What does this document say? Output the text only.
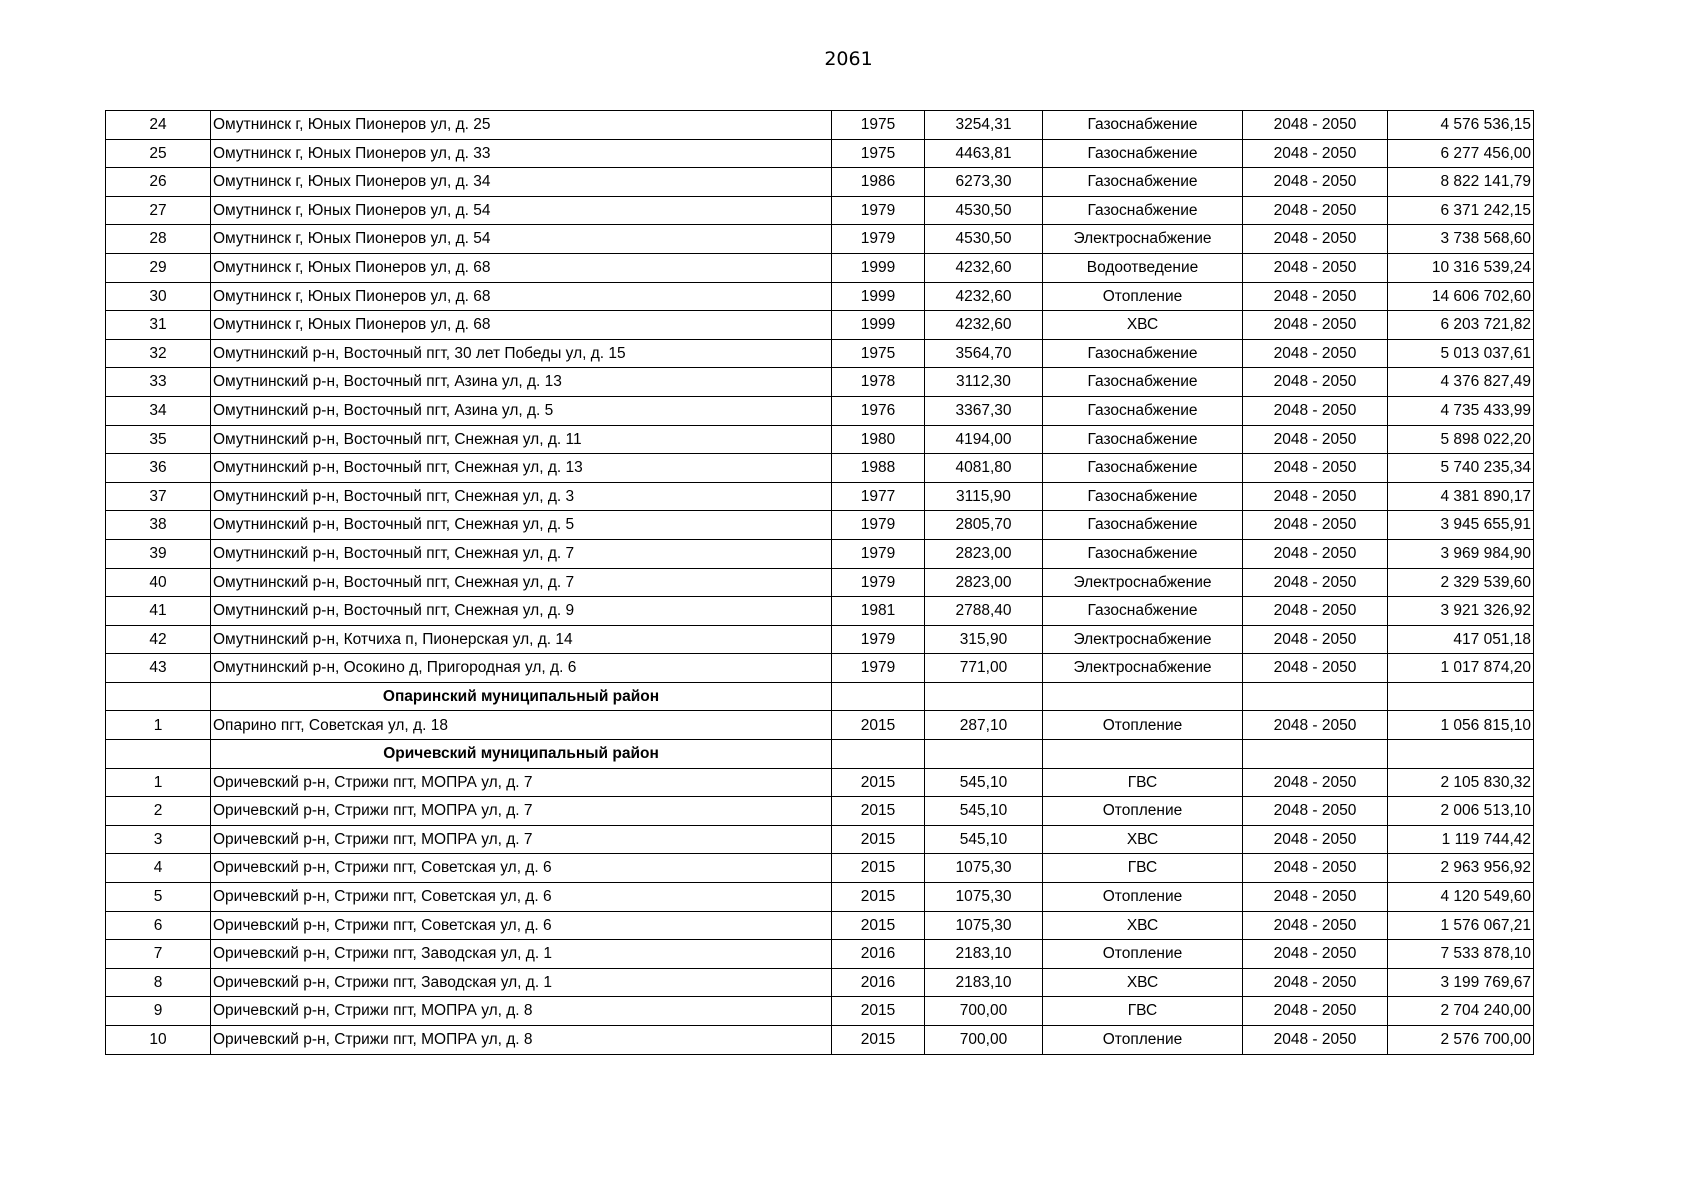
2061
24	Омутнинск г, Юных Пионеров ул, д. 25	1975	3254,31	Газоснабжение	2048 - 2050	4 576 536,15
25	Омутнинск г, Юных Пионеров ул, д. 33	1975	4463,81	Газоснабжение	2048 - 2050	6 277 456,00
26	Омутнинск г, Юных Пионеров ул, д. 34	1986	6273,30	Газоснабжение	2048 - 2050	8 822 141,79
27	Омутнинск г, Юных Пионеров ул, д. 54	1979	4530,50	Газоснабжение	2048 - 2050	6 371 242,15
28	Омутнинск г, Юных Пионеров ул, д. 54	1979	4530,50	Электроснабжение	2048 - 2050	3 738 568,60
29	Омутнинск г, Юных Пионеров ул, д. 68	1999	4232,60	Водоотведение	2048 - 2050	10 316 539,24
30	Омутнинск г, Юных Пионеров ул, д. 68	1999	4232,60	Отопление	2048 - 2050	14 606 702,60
31	Омутнинск г, Юных Пионеров ул, д. 68	1999	4232,60	ХВС	2048 - 2050	6 203 721,82
32	Омутнинский р-н, Восточный пгт, 30 лет Победы ул, д. 15	1975	3564,70	Газоснабжение	2048 - 2050	5 013 037,61
33	Омутнинский р-н, Восточный пгт, Азина ул, д. 13	1978	3112,30	Газоснабжение	2048 - 2050	4 376 827,49
34	Омутнинский р-н, Восточный пгт, Азина ул, д. 5	1976	3367,30	Газоснабжение	2048 - 2050	4 735 433,99
35	Омутнинский р-н, Восточный пгт, Снежная ул, д. 11	1980	4194,00	Газоснабжение	2048 - 2050	5 898 022,20
36	Омутнинский р-н, Восточный пгт, Снежная ул, д. 13	1988	4081,80	Газоснабжение	2048 - 2050	5 740 235,34
37	Омутнинский р-н, Восточный пгт, Снежная ул, д. 3	1977	3115,90	Газоснабжение	2048 - 2050	4 381 890,17
38	Омутнинский р-н, Восточный пгт, Снежная ул, д. 5	1979	2805,70	Газоснабжение	2048 - 2050	3 945 655,91
39	Омутнинский р-н, Восточный пгт, Снежная ул, д. 7	1979	2823,00	Газоснабжение	2048 - 2050	3 969 984,90
40	Омутнинский р-н, Восточный пгт, Снежная ул, д. 7	1979	2823,00	Электроснабжение	2048 - 2050	2 329 539,60
41	Омутнинский р-н, Восточный пгт, Снежная ул, д. 9	1981	2788,40	Газоснабжение	2048 - 2050	3 921 326,92
42	Омутнинский р-н, Котчиха п, Пионерская ул, д. 14	1979	315,90	Электроснабжение	2048 - 2050	417 051,18
43	Омутнинский р-н, Осокино д, Пригородная ул, д. 6	1979	771,00	Электроснабжение	2048 - 2050	1 017 874,20
	Опаринский муниципальный район					
1	Опарино пгт, Советская ул, д. 18	2015	287,10	Отопление	2048 - 2050	1 056 815,10
	Оричевский муниципальный район					
1	Оричевский р-н, Стрижи пгт, МОПРА ул, д. 7	2015	545,10	ГВС	2048 - 2050	2 105 830,32
2	Оричевский р-н, Стрижи пгт, МОПРА ул, д. 7	2015	545,10	Отопление	2048 - 2050	2 006 513,10
3	Оричевский р-н, Стрижи пгт, МОПРА ул, д. 7	2015	545,10	ХВС	2048 - 2050	1 119 744,42
4	Оричевский р-н, Стрижи пгт, Советская ул, д. 6	2015	1075,30	ГВС	2048 - 2050	2 963 956,92
5	Оричевский р-н, Стрижи пгт, Советская ул, д. 6	2015	1075,30	Отопление	2048 - 2050	4 120 549,60
6	Оричевский р-н, Стрижи пгт, Советская ул, д. 6	2015	1075,30	ХВС	2048 - 2050	1 576 067,21
7	Оричевский р-н, Стрижи пгт, Заводская ул, д. 1	2016	2183,10	Отопление	2048 - 2050	7 533 878,10
8	Оричевский р-н, Стрижи пгт, Заводская ул, д. 1	2016	2183,10	ХВС	2048 - 2050	3 199 769,67
9	Оричевский р-н, Стрижи пгт, МОПРА ул, д. 8	2015	700,00	ГВС	2048 - 2050	2 704 240,00
10	Оричевский р-н, Стрижи пгт, МОПРА ул, д. 8	2015	700,00	Отопление	2048 - 2050	2 576 700,00
